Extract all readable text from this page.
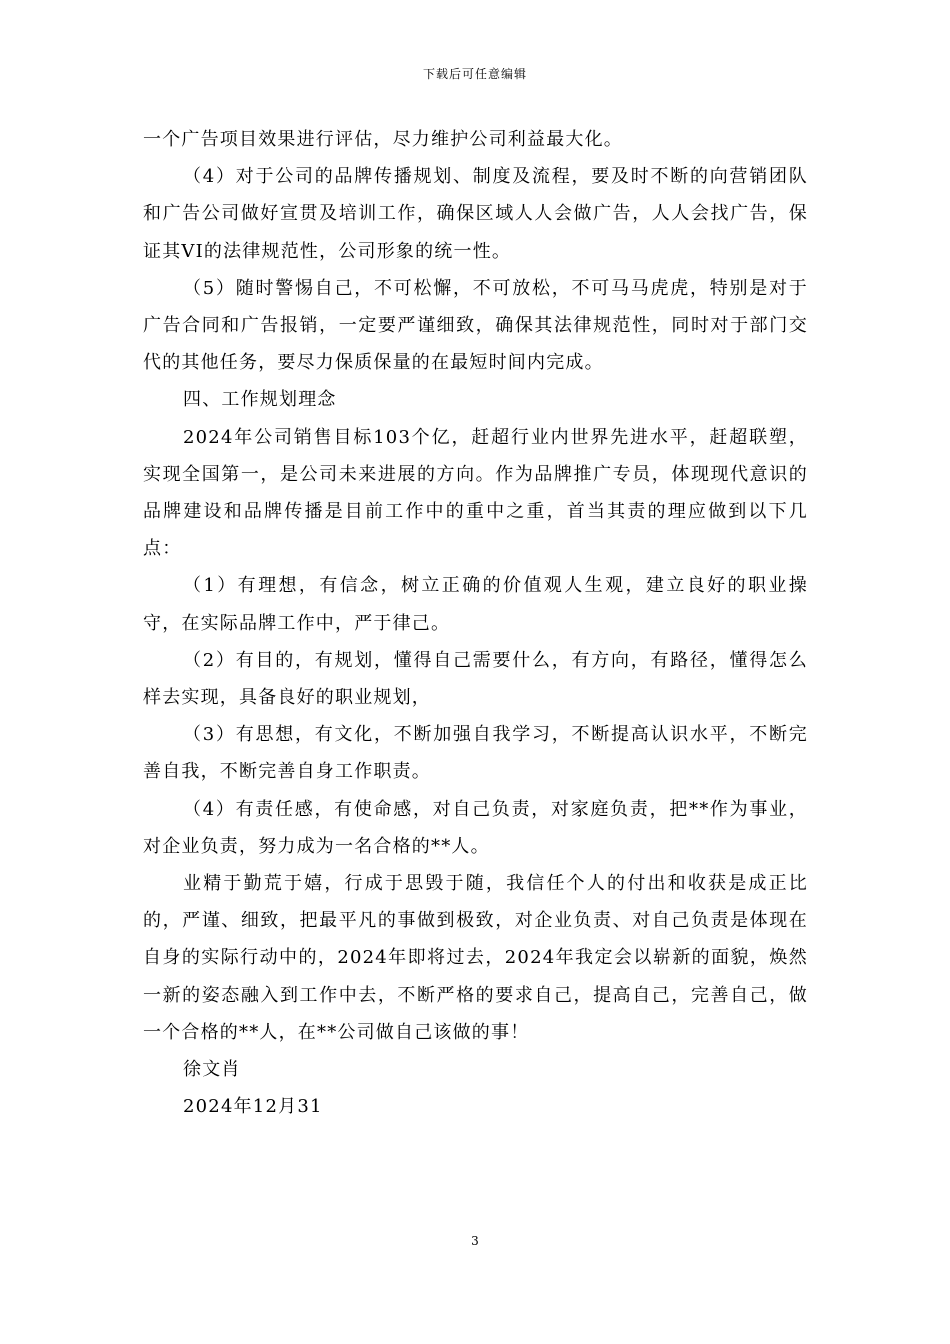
下载后可任意编辑

一个广告项目效果进行评估，尽力维护公司利益最大化。

（4）对于公司的品牌传播规划、制度及流程，要及时不断的向营销团队和广告公司做好宣贯及培训工作，确保区域人人会做广告，人人会找广告，保证其VI的法律规范性，公司形象的统一性。

（5）随时警惕自己，不可松懈，不可放松，不可马马虎虎，特别是对于广告合同和广告报销，一定要严谨细致，确保其法律规范性，同时对于部门交代的其他任务，要尽力保质保量的在最短时间内完成。

四、工作规划理念

2024年公司销售目标103个亿，赶超行业内世界先进水平，赶超联塑，实现全国第一，是公司未来进展的方向。作为品牌推广专员，体现现代意识的品牌建设和品牌传播是目前工作中的重中之重，首当其责的理应做到以下几点：

（1）有理想，有信念，树立正确的价值观人生观，建立良好的职业操守，在实际品牌工作中，严于律己。

（2）有目的，有规划，懂得自己需要什么，有方向，有路径，懂得怎么样去实现，具备良好的职业规划，

（3）有思想，有文化，不断加强自我学习，不断提高认识水平，不断完善自我，不断完善自身工作职责。

（4）有责任感，有使命感，对自己负责，对家庭负责，把**作为事业，对企业负责，努力成为一名合格的**人。

业精于勤荒于嬉，行成于思毁于随，我信任个人的付出和收获是成正比的，严谨、细致，把最平凡的事做到极致，对企业负责、对自己负责是体现在自身的实际行动中的，2024年即将过去，2024年我定会以崭新的面貌，焕然一新的姿态融入到工作中去，不断严格的要求自己，提高自己，完善自己，做一个合格的**人，在**公司做自己该做的事！

徐文肖

2024年12月31

3
